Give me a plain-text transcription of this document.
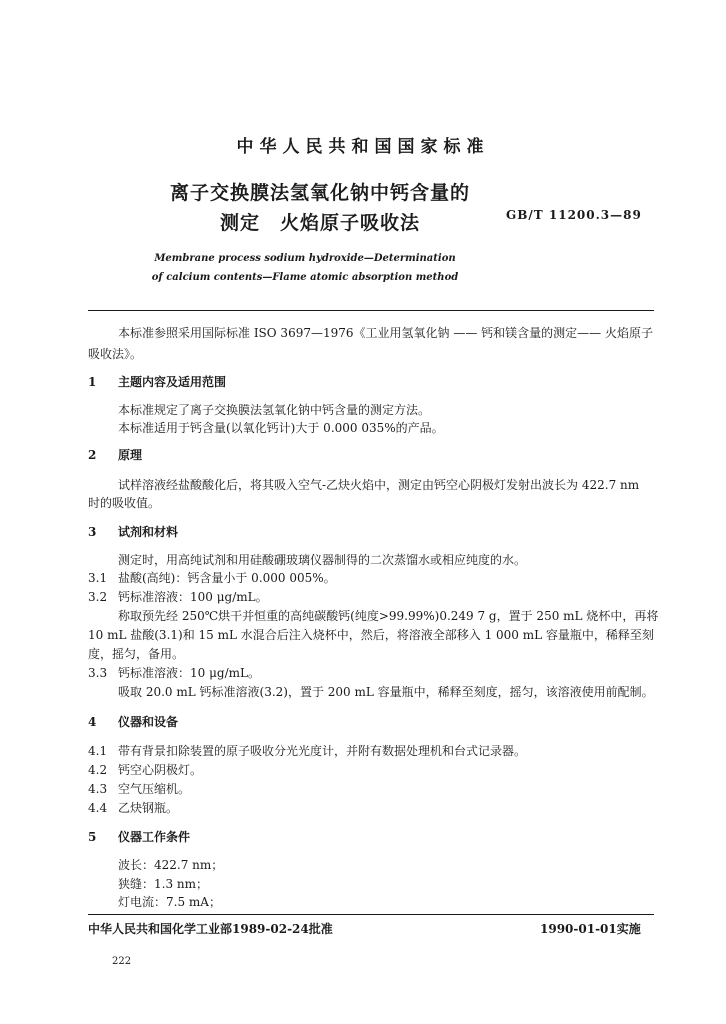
中华人民共和国国家标准
离子交换膜法氢氧化钠中钙含量的
测定　火焰原子吸收法	GB/T 11200.3—89
Membrane process sodium hydroxide—Determination
of calcium contents—Flame atomic absorption method
本标准参照采用国际标准 ISO 3697—1976《工业用氢氧化钠 —— 钙和镁含量的测定—— 火焰原子
吸收法》。
1 主题内容及适用范围
本标准规定了离子交换膜法氢氧化钠中钙含量的测定方法。
本标准适用于钙含量(以氧化钙计)大于 0.000 035%的产品。
2 原理
试样溶液经盐酸酸化后，将其吸入空气-乙炔火焰中，测定由钙空心阴极灯发射出波长为 422.7 nm
时的吸收值。
3 试剂和材料
测定时，用高纯试剂和用硅酸硼玻璃仪器制得的二次蒸馏水或相应纯度的水。
3.1 盐酸(高纯)：钙含量小于 0.000 005%。
3.2 钙标准溶液：100 μg/mL。
称取预先经 250℃烘干并恒重的高纯碳酸钙(纯度>99.99%)0.249 7 g，置于 250 mL 烧杯中，再将
10 mL 盐酸(3.1)和 15 mL 水混合后注入烧杯中，然后，将溶液全部移入 1 000 mL 容量瓶中，稀释至刻
度，摇匀，备用。
3.3 钙标准溶液：10 μg/mL。
吸取 20.0 mL 钙标准溶液(3.2)，置于 200 mL 容量瓶中，稀释至刻度，摇匀，该溶液使用前配制。
4 仪器和设备
4.1 带有背景扣除装置的原子吸收分光光度计，并附有数据处理机和台式记录器。
4.2 钙空心阴极灯。
4.3 空气压缩机。
4.4 乙炔钢瓶。
5 仪器工作条件
波长：422.7 nm；
狭缝：1.3 nm；
灯电流：7.5 mA；
中华人民共和国化学工业部1989-02-24批准	1990-01-01实施
222
